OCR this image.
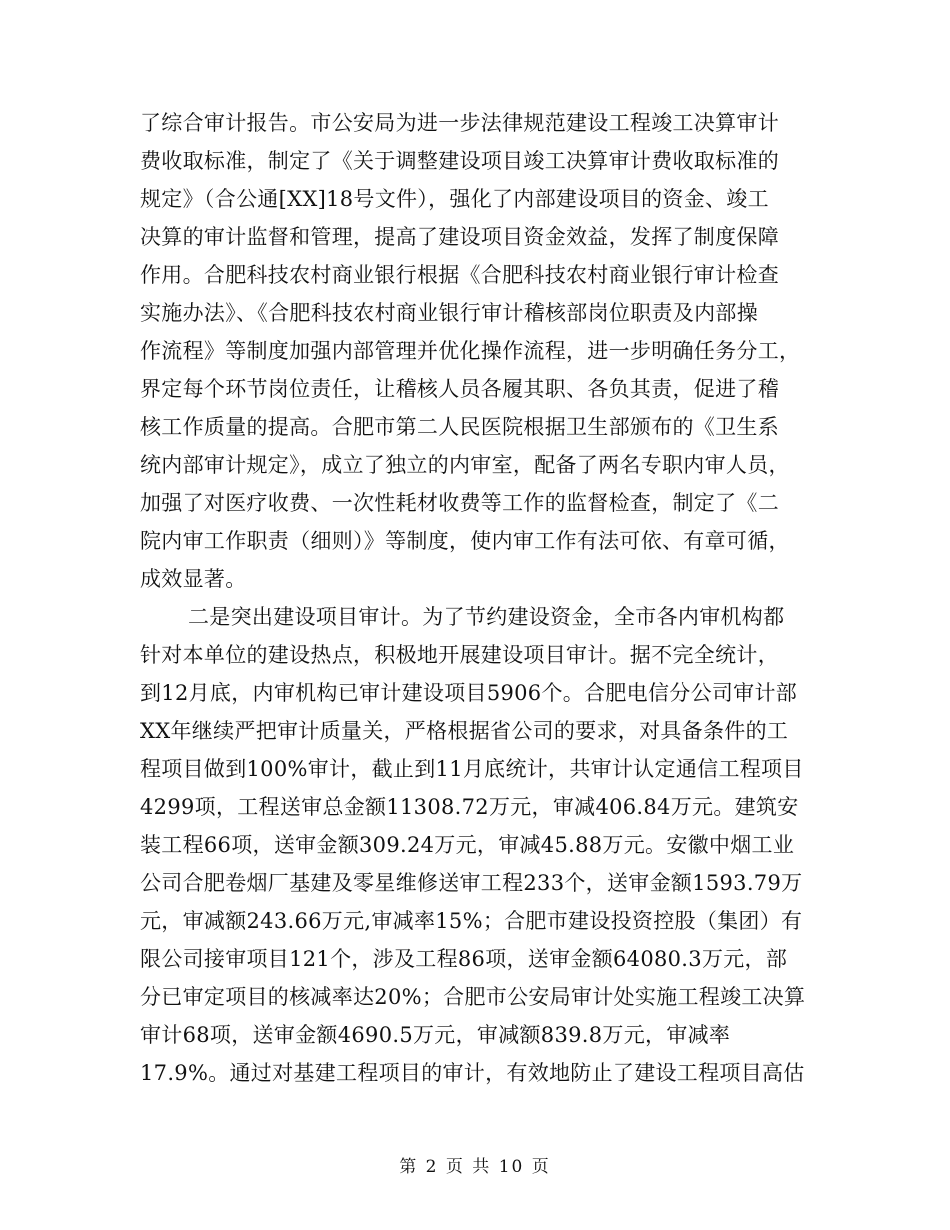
了综合审计报告。市公安局为进一步法律规范建设工程竣工决算审计
费收取标准，制定了《关于调整建设项目竣工决算审计费收取标准的
规定》（合公通[XX]18号文件），强化了内部建设项目的资金、竣工
决算的审计监督和管理，提高了建设项目资金效益，发挥了制度保障
作用。合肥科技农村商业银行根据《合肥科技农村商业银行审计检查
实施办法》、《合肥科技农村商业银行审计稽核部岗位职责及内部操
作流程》等制度加强内部管理并优化操作流程，进一步明确任务分工，
界定每个环节岗位责任，让稽核人员各履其职、各负其责，促进了稽
核工作质量的提高。合肥市第二人民医院根据卫生部颁布的《卫生系
统内部审计规定》，成立了独立的内审室，配备了两名专职内审人员，
加强了对医疗收费、一次性耗材收费等工作的监督检查，制定了《二
院内审工作职责（细则）》等制度，使内审工作有法可依、有章可循，
成效显著。
二是突出建设项目审计。为了节约建设资金，全市各内审机构都
针对本单位的建设热点，积极地开展建设项目审计。据不完全统计，
到12月底，内审机构已审计建设项目5906个。合肥电信分公司审计部
XX年继续严把审计质量关，严格根据省公司的要求，对具备条件的工
程项目做到100%审计，截止到11月底统计，共审计认定通信工程项目
4299项，工程送审总金额11308.72万元，审减406.84万元。建筑安
装工程66项，送审金额309.24万元，审减45.88万元。安徽中烟工业
公司合肥卷烟厂基建及零星维修送审工程233个，送审金额1593.79万
元，审减额243.66万元,审减率15%；合肥市建设投资控股（集团）有
限公司接审项目121个，涉及工程86项，送审金额64080.3万元，部
分已审定项目的核减率达20%；合肥市公安局审计处实施工程竣工决算
审计68项，送审金额4690.5万元，审减额839.8万元，审减率
17.9%。通过对基建工程项目的审计，有效地防止了建设工程项目高估
第 2 页 共 10 页
